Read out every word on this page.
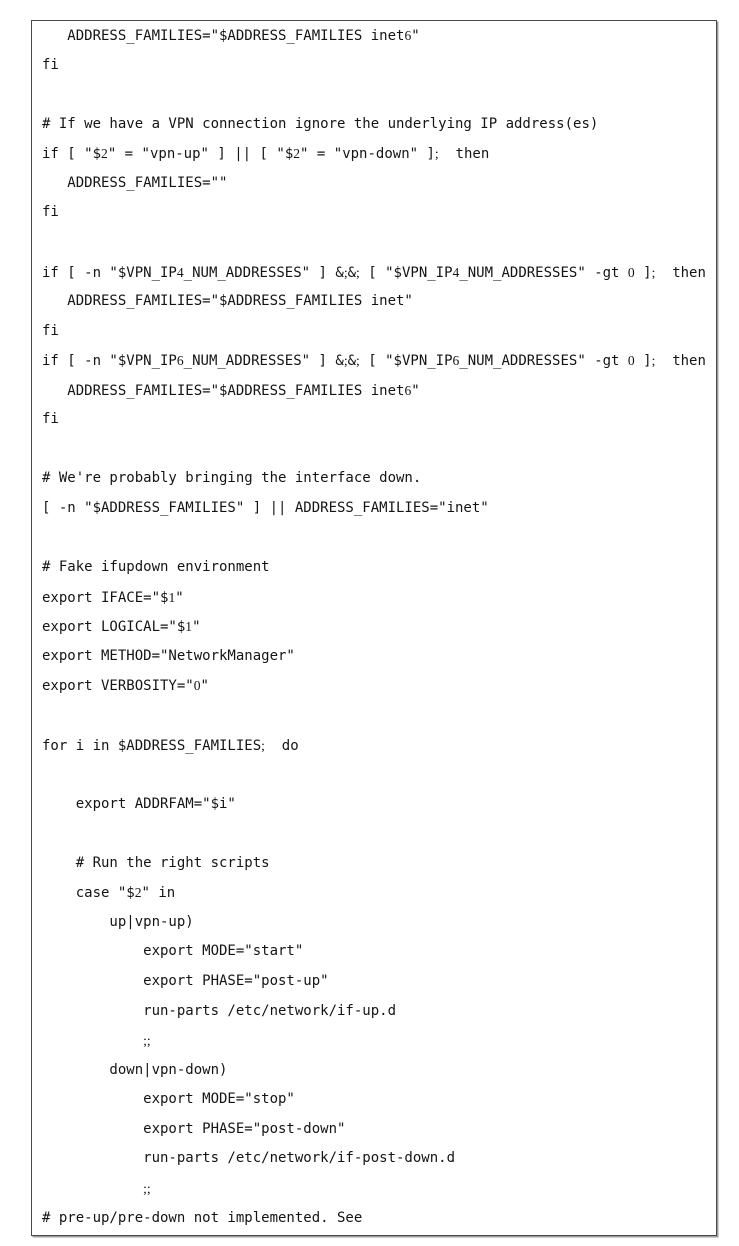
ADDRESS_FAMILIES="$ADDRESS_FAMILIES inet6"
fi

# If we have a VPN connection ignore the underlying IP address(es)
if [ "$2" = "vpn-up" ] || [ "$2" = "vpn-down" ];  then
ADDRESS_FAMILIES=""
fi

if [ -n "$VPN_IP4_NUM_ADDRESSES" ] &;&; [ "$VPN_IP4_NUM_ADDRESSES" -gt 0 ];  then
ADDRESS_FAMILIES="$ADDRESS_FAMILIES inet"
fi
if [ -n "$VPN_IP6_NUM_ADDRESSES" ] &;&; [ "$VPN_IP6_NUM_ADDRESSES" -gt 0 ];  then
ADDRESS_FAMILIES="$ADDRESS_FAMILIES inet6"
fi

# We're probably bringing the interface down.
[ -n "$ADDRESS_FAMILIES" ] || ADDRESS_FAMILIES="inet"

# Fake ifupdown environment
export IFACE="$1"
export LOGICAL="$1"
export METHOD="NetworkManager"
export VERBOSITY="0"

for i in $ADDRESS_FAMILIES;  do

export ADDRFAM="$i"

# Run the right scripts
case "$2" in
up|vpn-up)
export MODE="start"
export PHASE="post-up"
run-parts /etc/network/if-up.d
;;
down|vpn-down)
export MODE="stop"
export PHASE="post-down"
run-parts /etc/network/if-post-down.d
;;
# pre-up/pre-down not implemented. See
